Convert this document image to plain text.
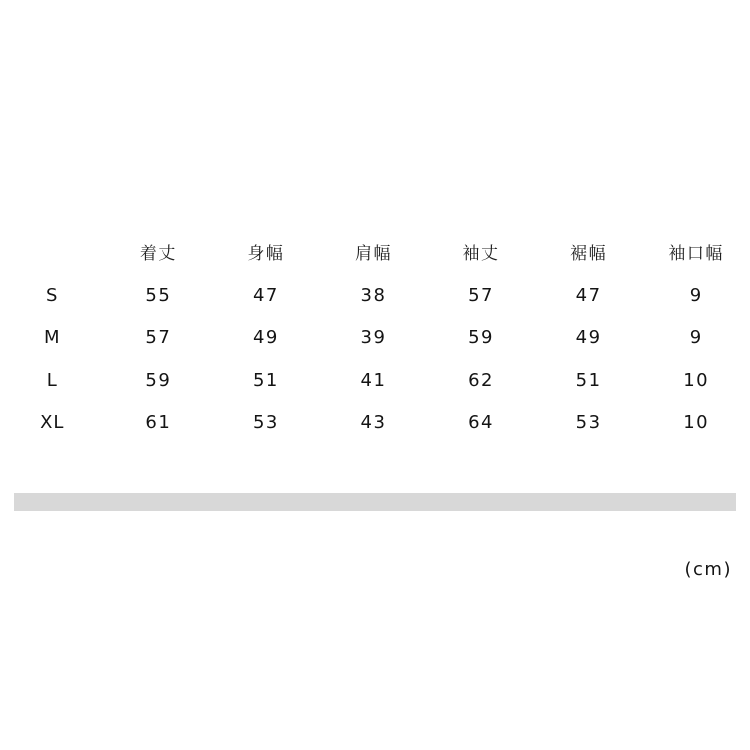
	着丈	身幅	肩幅	袖丈	裾幅	袖口幅
S	55	47	38	57	47	9
M	57	49	39	59	49	9
L	59	51	41	62	51	10
XL	61	53	43	64	53	10
(cm)
